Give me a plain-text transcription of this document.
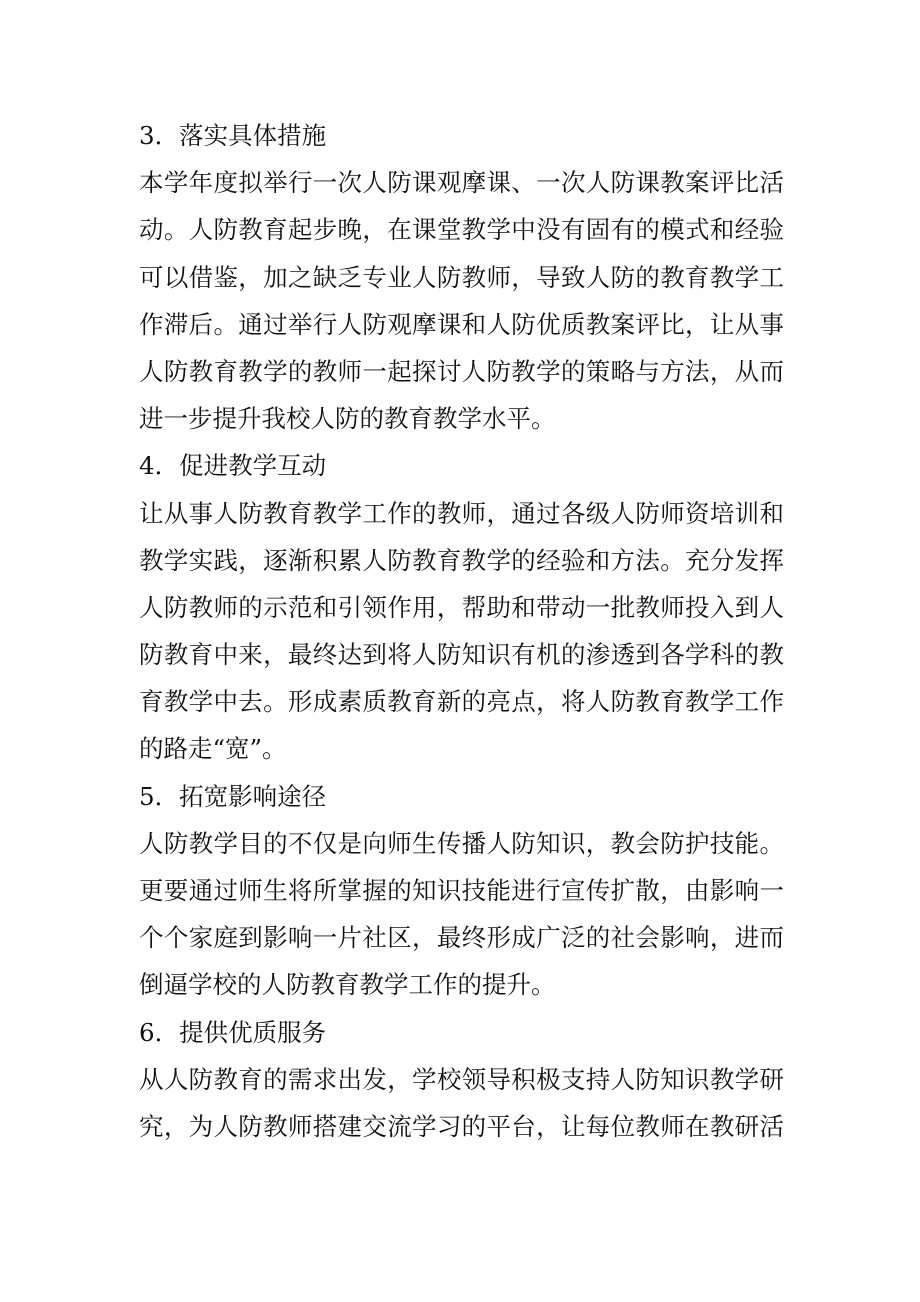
3．落实具体措施
本学年度拟举行一次人防课观摩课、一次人防课教案评比活
动。人防教育起步晚，在课堂教学中没有固有的模式和经验
可以借鉴，加之缺乏专业人防教师，导致人防的教育教学工
作滞后。通过举行人防观摩课和人防优质教案评比，让从事
人防教育教学的教师一起探讨人防教学的策略与方法，从而
进一步提升我校人防的教育教学水平。
4．促进教学互动
让从事人防教育教学工作的教师，通过各级人防师资培训和
教学实践，逐渐积累人防教育教学的经验和方法。充分发挥
人防教师的示范和引领作用，帮助和带动一批教师投入到人
防教育中来，最终达到将人防知识有机的渗透到各学科的教
育教学中去。形成素质教育新的亮点，将人防教育教学工作
的路走“宽”。
5．拓宽影响途径
人防教学目的不仅是向师生传播人防知识，教会防护技能。
更要通过师生将所掌握的知识技能进行宣传扩散，由影响一
个个家庭到影响一片社区，最终形成广泛的社会影响，进而
倒逼学校的人防教育教学工作的提升。
6．提供优质服务
从人防教育的需求出发，学校领导积极支持人防知识教学研
究，为人防教师搭建交流学习的平台，让每位教师在教研活
